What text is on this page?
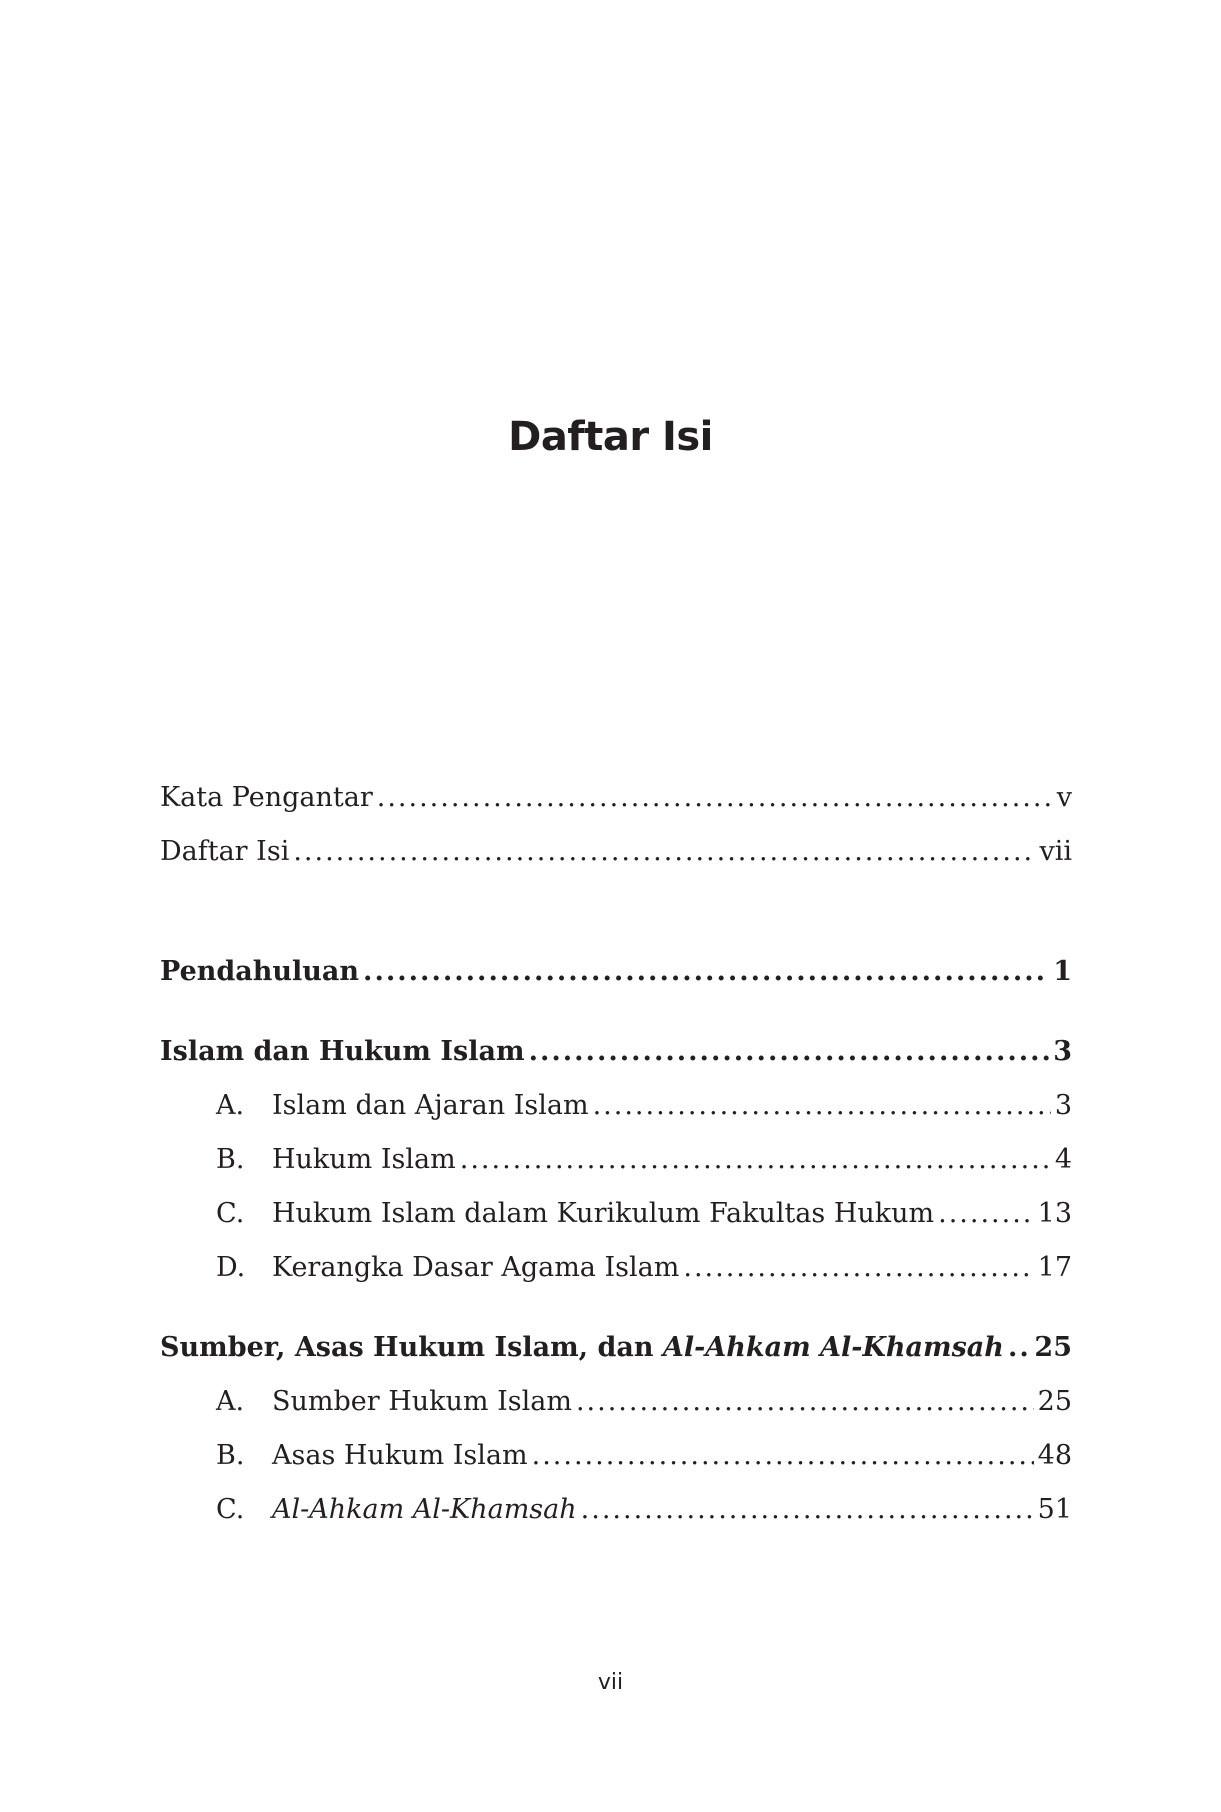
Daftar Isi
Kata Pengantar .....	v
Daftar Isi .....	vii
Pendahuluan .....	1
Islam dan Hukum Islam .....	3
A.	Islam dan Ajaran Islam .....	3
B.	Hukum Islam .....	4
C.	Hukum Islam dalam Kurikulum Fakultas Hukum .....	13
D. Kerangka Dasar Agama Islam .....	17
Sumber, Asas Hukum Islam, dan Al-Ahkam Al-Khamsah ..... 25
A.	Sumber Hukum Islam .....	25
B.	Asas Hukum Islam .....	48
C.	Al-Ahkam Al-Khamsah .....	51
vii
